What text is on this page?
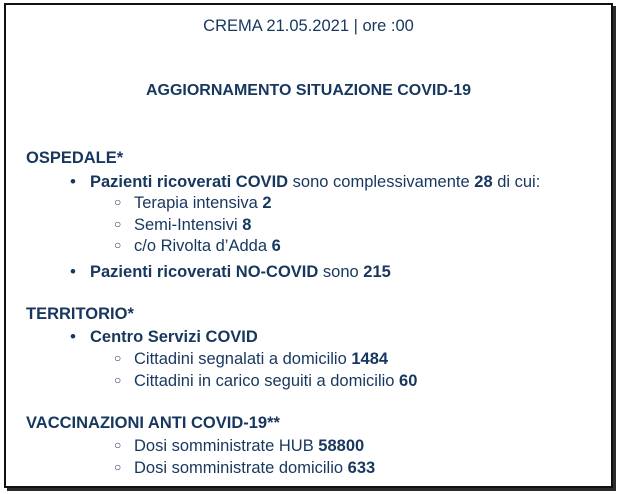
CREMA 21.05.2021 | ore :00
AGGIORNAMENTO SITUAZIONE COVID-19
OSPEDALE*
•Pazienti ricoverati COVID sono complessivamente 28 di cui:
○Terapia intensiva 2
○Semi-Intensivi 8
○c/o Rivolta d’Adda 6
•Pazienti ricoverati NO-COVID sono 215
TERRITORIO*
•Centro Servizi COVID
○Cittadini segnalati a domicilio 1484
○Cittadini in carico seguiti a domicilio 60
VACCINAZIONI ANTI COVID-19**
○Dosi somministrate HUB 58800
○Dosi somministrate domicilio 633
